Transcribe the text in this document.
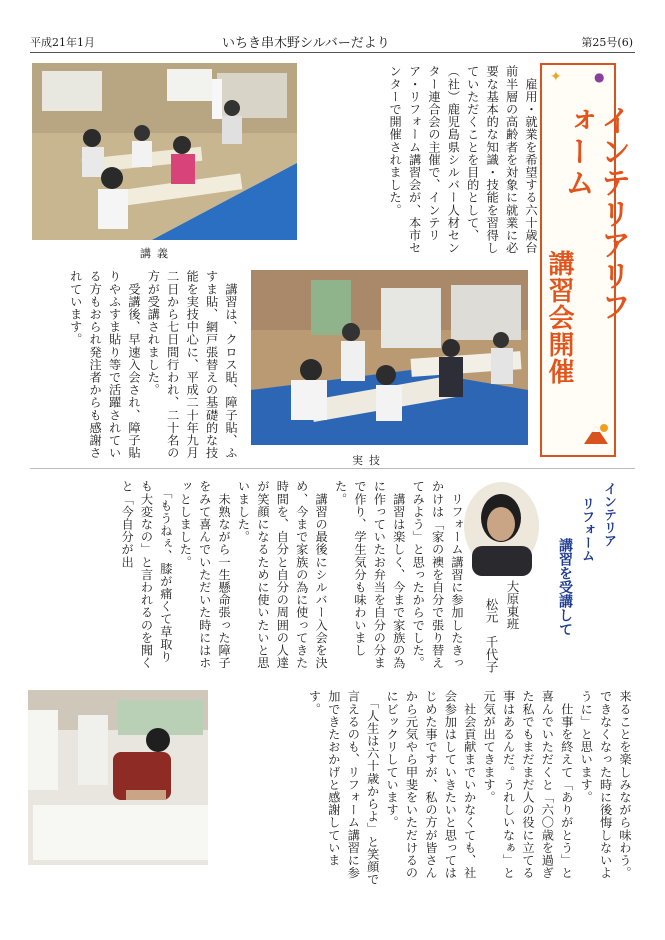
平成21年1月	いちき串木野シルバーだより	第25号(6)
講義	　雇用・就業を希望する六十歳台前半層の高齢者を対象に就業に必要な基本的な知識・技能を習得していただくことを目的として、（社）鹿児島県シルバー人材センター連合会の主催で、インテリア・リフォーム講習会が、本市センターで開催されました。	✦	●
インテリアリフォーム
講習会開催
　講習は、クロス貼、障子貼、ふすま貼、網戸張替えの基礎的な技能を実技中心に、平成二十年九月二日から七日間行われ、二十名の方が受講されました。
　受講後、早速入会され、障子貼りやふすま貼り等で活躍されている方もおられ発注者からも感謝されています。
実技
インテリア
リフォーム
講習を受講して
大原東班
松元　千代子
　リフォーム講習に参加したきっかけは「家の襖を自分で張り替えてみよう」と思ったからでした。
　講習は楽しく、今まで家族の為に作っていたお弁当を自分の分まで作り、学生気分も味わいました。
　講習の最後にシルバー入会を決め、今まで家族の為に使ってきた時間を、自分と自分の周囲の人達が笑顔になるために使いたいと思いました。
　未熟ながら一生懸命張った障子をみて喜んでいただいた時にはホッとしました。
　「もうねぇ、膝が痛くて草取りも大変なの」と言われるのを聞くと「今自分が出
来ることを楽しみながら味わう。できなくなった時に後悔しないように」と思います。
　仕事を終えて「ありがとう」と喜んでいただくと「六〇歳を過ぎた私でもまだまだ人の役に立てる事はあるんだ。うれしいなぁ」と元気が出てきます。
　社会貢献までいかなくても、社会参加はしていきたいと思ってはじめた事ですが、私の方が皆さんから元気やら甲斐をいただけるのにビックリしています。
　「人生は六十歳からよ」と笑顔で言えるのも、リフォーム講習に参加できたおかげと感謝しています。
